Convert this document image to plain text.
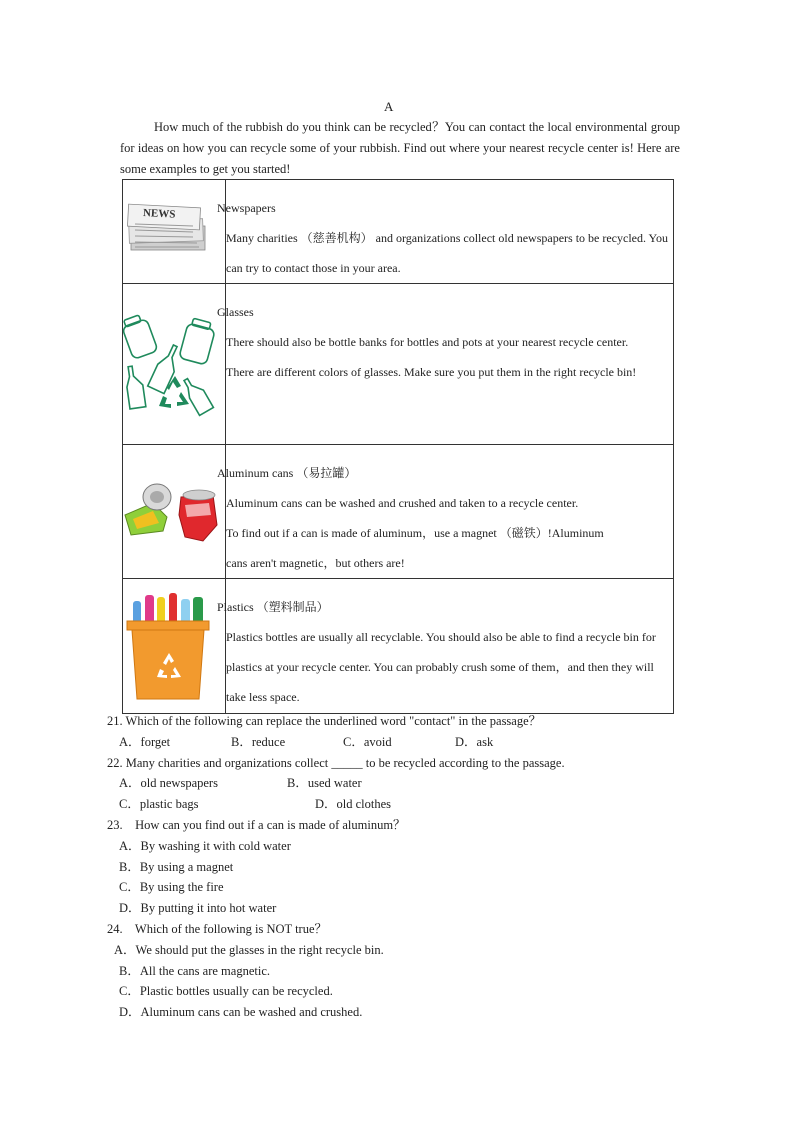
A
How much of the rubbish do you think can be recycled？You can contact the local environmental group for ideas on how you can recycle some of your rubbish. Find out where your nearest recycle center is! Here are some examples to get you started!
NEWS	Newspapers
Many charities （慈善机构） and organizations collect old newspapers to be recycled. You can try to contact those in your area.

Glasses
There should also be bottle banks for bottles and pots at your nearest recycle center.
There are different colors of glasses. Make sure you put them in the right recycle bin!

Aluminum cans （易拉罐）
Aluminum cans can be washed and crushed and taken to a recycle center.
To find out if a can is made of aluminum，use a magnet （磁铁）!Aluminum cans aren't magnetic，but others are!

Plastics （塑料制品）
Plastics bottles are usually all recyclable. You should also be able to find a recycle bin for plastics at your recycle center. You can probably crush some of them，and then they will take less space.
21. Which of the following can replace the underlined word "contact" in the passage？
A．forget	B．reduce	C．avoid	D．ask
22. Many charities and organizations collect _____ to be recycled according to the passage.
A．old newspapers	B．used water
C．plastic bags	D．old clothes
23. How can you find out if a can is made of aluminum？
A．By washing it with cold water
B．By using a magnet
C．By using the fire
D．By putting it into hot water
24. Which of the following is NOT true？
A．We should put the glasses in the right recycle bin.
B．All the cans are magnetic.
C．Plastic bottles usually can be recycled.
D．Aluminum cans can be washed and crushed.
